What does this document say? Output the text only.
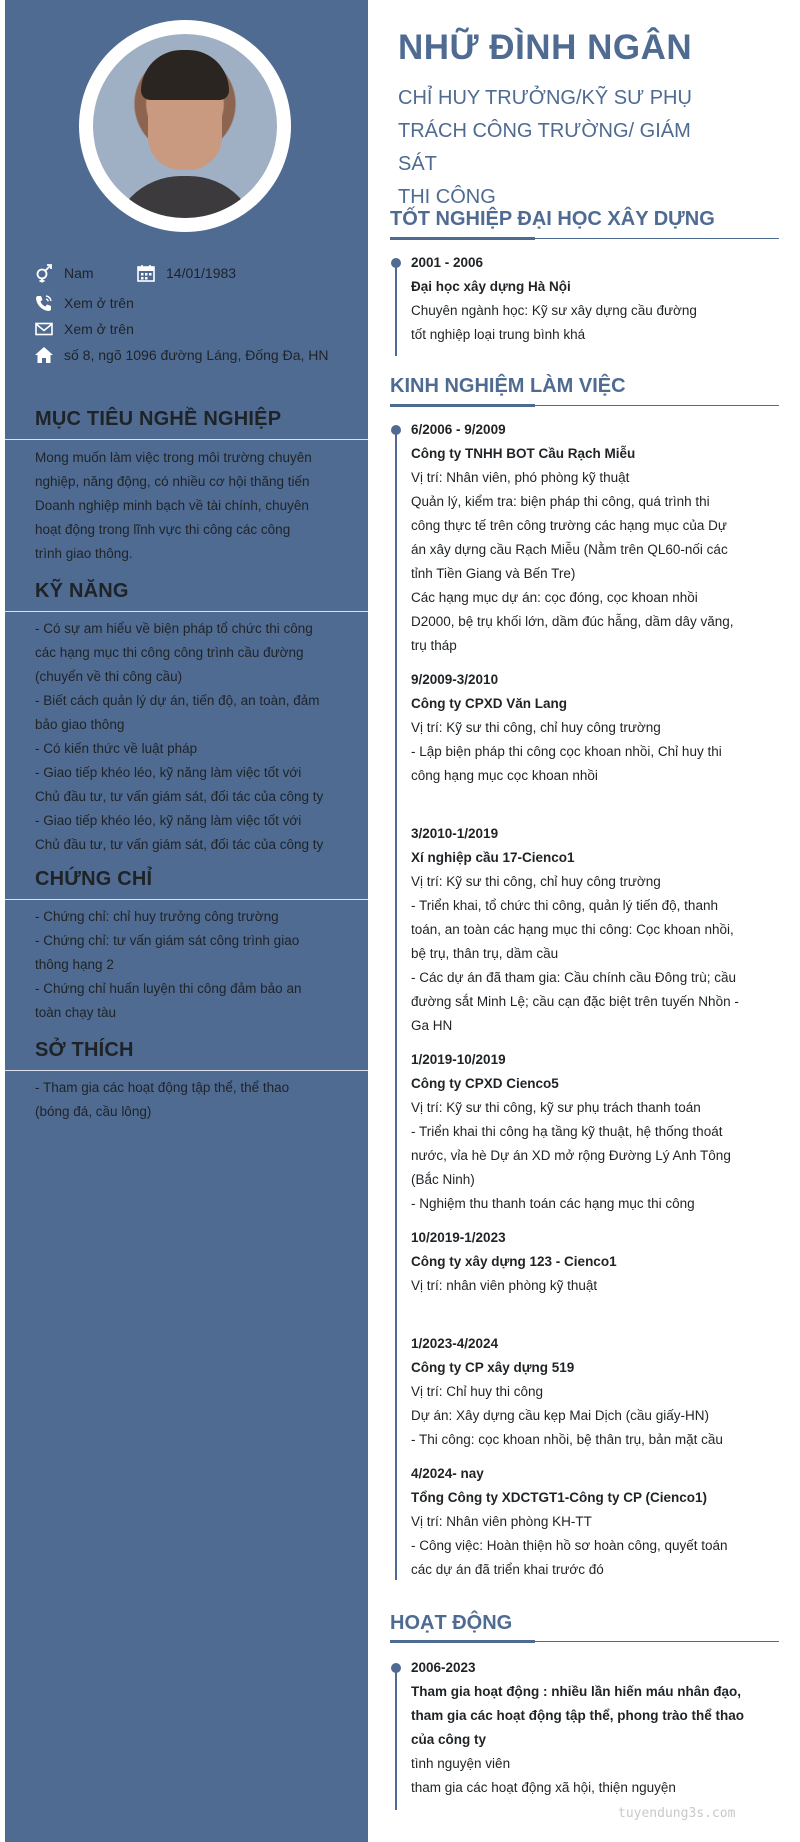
Nam	14/01/1983
Xem ở trên
Xem ở trên
số 8, ngõ 1096 đường Láng, Đống Đa, HN
MỤC TIÊU NGHỀ NGHIỆP
Mong muốn làm việc trong môi trường chuyên
nghiệp, năng động, có nhiều cơ hội thăng tiến
Doanh nghiệp minh bạch về tài chính, chuyên
hoạt động trong lĩnh vực thi công các công
trình giao thông.
KỸ NĂNG
- Có sự am hiểu về biện pháp tổ chức thi công
các hạng mục thi công công trình cầu đường
(chuyển về thi công cầu)
- Biết cách quản lý dự án, tiến độ, an toàn, đảm
bảo giao thông
- Có kiến thức về luật pháp
- Giao tiếp khéo léo, kỹ năng làm việc tốt với
Chủ đầu tư, tư vấn giám sát, đối tác của công ty
- Giao tiếp khéo léo, kỹ năng làm việc tốt với
Chủ đầu tư, tư vấn giám sát, đối tác của công ty
CHỨNG CHỈ
- Chứng chỉ: chỉ huy trưởng công trường
- Chứng chỉ: tư vấn giám sát công trình giao
thông hạng 2
- Chứng chỉ huấn luyện thi công đảm bảo an
toàn chạy tàu
SỞ THÍCH
- Tham gia các hoạt động tập thể, thể thao
(bóng đá, cầu lông)
NHỮ ĐÌNH NGÂN
CHỈ HUY TRƯỞNG/KỸ SƯ PHỤ
TRÁCH CÔNG TRƯỜNG/ GIÁM SÁT
THI CÔNG
TỐT NGHIỆP ĐẠI HỌC XÂY DỰNG
2001 - 2006
Đại học xây dựng Hà Nội
Chuyên ngành học: Kỹ sư xây dựng cầu đường
tốt nghiệp loại trung bình khá
KINH NGHIỆM LÀM VIỆC
6/2006 - 9/2009
Công ty TNHH BOT Cầu Rạch Miễu
Vị trí: Nhân viên, phó phòng kỹ thuật
Quản lý, kiểm tra: biện pháp thi công, quá trình thi
công thực tế trên công trường các hạng mục của Dự
án xây dựng cầu Rạch Miễu (Nằm trên QL60-nối các
tỉnh Tiền Giang và Bến Tre)
Các hạng mục dự án: cọc đóng, cọc khoan nhồi
D2000, bệ trụ khối lớn, dầm đúc hẫng, dầm dây văng,
trụ tháp
9/2009-3/2010
Công ty CPXD Văn Lang
Vị trí: Kỹ sư thi công, chỉ huy công trường
- Lập biện pháp thi công cọc khoan nhồi, Chỉ huy thi
công hạng mục cọc khoan nhồi
3/2010-1/2019
Xí nghiệp cầu 17-Cienco1
Vị trí: Kỹ sư thi công, chỉ huy công trường
- Triển khai, tổ chức thi công, quản lý tiến độ, thanh
toán, an toàn các hạng mục thi công: Cọc khoan nhồi,
bệ trụ, thân trụ, dầm cầu
- Các dự án đã tham gia: Cầu chính cầu Đông trù; cầu
đường sắt Minh Lệ; cầu cạn đặc biệt trên tuyến Nhồn -
Ga HN
1/2019-10/2019
Công ty CPXD Cienco5
Vị trí: Kỹ sư thi công, kỹ sư phụ trách thanh toán
- Triển khai thi công hạ tầng kỹ thuật, hệ thống thoát
nước, vỉa hè Dự án XD mở rộng Đường Lý Anh Tông
(Bắc Ninh)
- Nghiệm thu thanh toán các hạng mục thi công
10/2019-1/2023
Công ty xây dựng 123 - Cienco1
Vị trí: nhân viên phòng kỹ thuật
1/2023-4/2024
Công ty CP xây dựng 519
Vị trí: Chỉ huy thi công
Dự án: Xây dựng cầu kẹp Mai Dịch (cầu giấy-HN)
- Thi công: cọc khoan nhồi, bệ thân trụ, bản mặt cầu
4/2024- nay
Tổng Công ty XDCTGT1-Công ty CP (Cienco1)
Vị trí: Nhân viên phòng KH-TT
- Công việc: Hoàn thiện hồ sơ hoàn công, quyết toán
các dự án đã triển khai trước đó
HOẠT ĐỘNG
2006-2023
Tham gia hoạt động : nhiều lần hiến máu nhân đạo,
tham gia các hoạt động tập thể, phong trào thể thao
của công ty
tình nguyện viên
tham gia các hoạt động xã hội, thiện nguyện
tuyendung3s.com
